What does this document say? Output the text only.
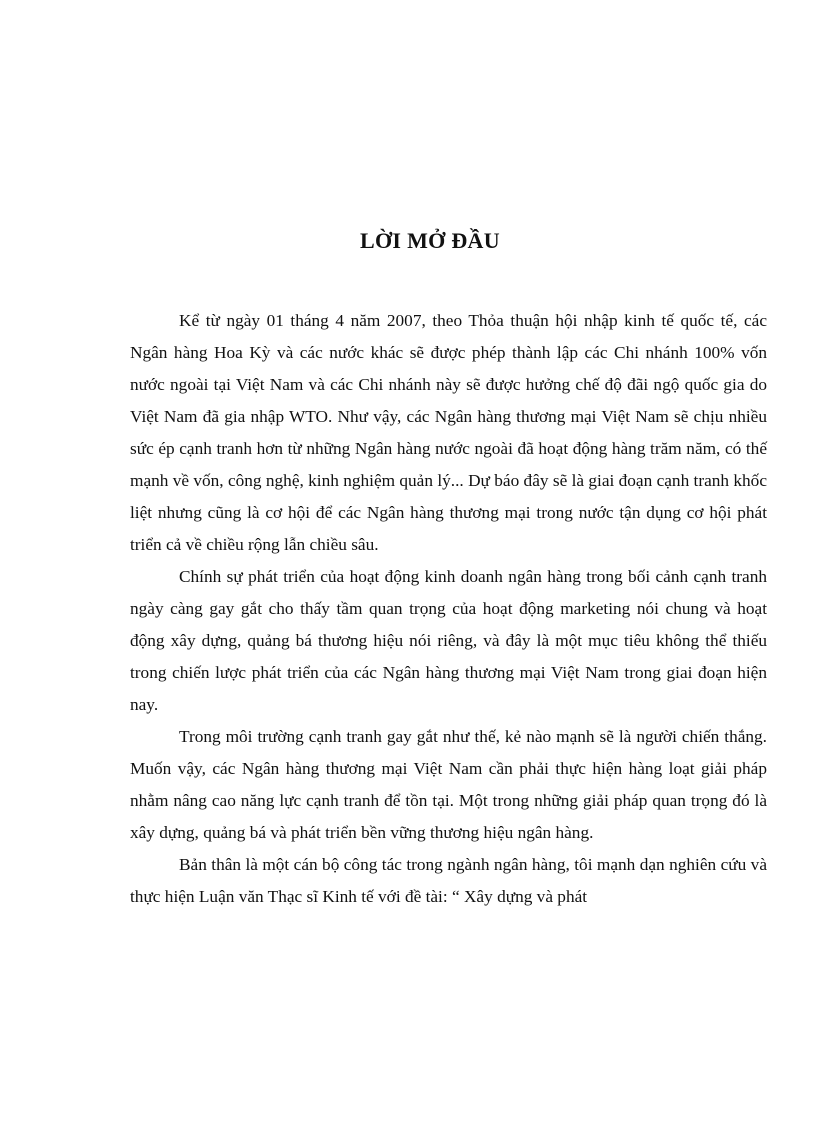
LỜI MỞ ĐẦU

Kể từ ngày 01 tháng 4 năm 2007, theo Thỏa thuận hội nhập kinh tế quốc tế, các Ngân hàng Hoa Kỳ và các nước khác sẽ được phép thành lập các Chi nhánh 100% vốn nước ngoài tại Việt Nam và các Chi nhánh này sẽ được hưởng chế độ đãi ngộ quốc gia do Việt Nam đã gia nhập WTO. Như vậy, các Ngân hàng thương mại Việt Nam sẽ chịu nhiều sức ép cạnh tranh hơn từ những Ngân hàng nước ngoài đã hoạt động hàng trăm năm, có thế mạnh về vốn, công nghệ, kinh nghiệm quản lý... Dự báo đây sẽ là giai đoạn cạnh tranh khốc liệt nhưng cũng là cơ hội để các Ngân hàng thương mại trong nước tận dụng cơ hội phát triển cả về chiều rộng lẫn chiều sâu.

Chính sự phát triển của hoạt động kinh doanh ngân hàng trong bối cảnh cạnh tranh ngày càng gay gắt cho thấy tầm quan trọng của hoạt động marketing nói chung và hoạt động xây dựng, quảng bá thương hiệu nói riêng, và đây là một mục tiêu không thể thiếu trong chiến lược phát triển của các Ngân hàng thương mại Việt Nam trong giai đoạn hiện nay.

Trong môi trường cạnh tranh gay gắt như thế, kẻ nào mạnh sẽ là người chiến thắng. Muốn vậy, các Ngân hàng thương mại Việt Nam cần phải thực hiện hàng loạt giải pháp nhằm nâng cao năng lực cạnh tranh để tồn tại. Một trong những giải pháp quan trọng đó là xây dựng, quảng bá và phát triển bền vững thương hiệu ngân hàng.

Bản thân là một cán bộ công tác trong ngành ngân hàng, tôi mạnh dạn nghiên cứu và thực hiện Luận văn Thạc sĩ Kinh tế với đề tài: “ Xây dựng và phát
